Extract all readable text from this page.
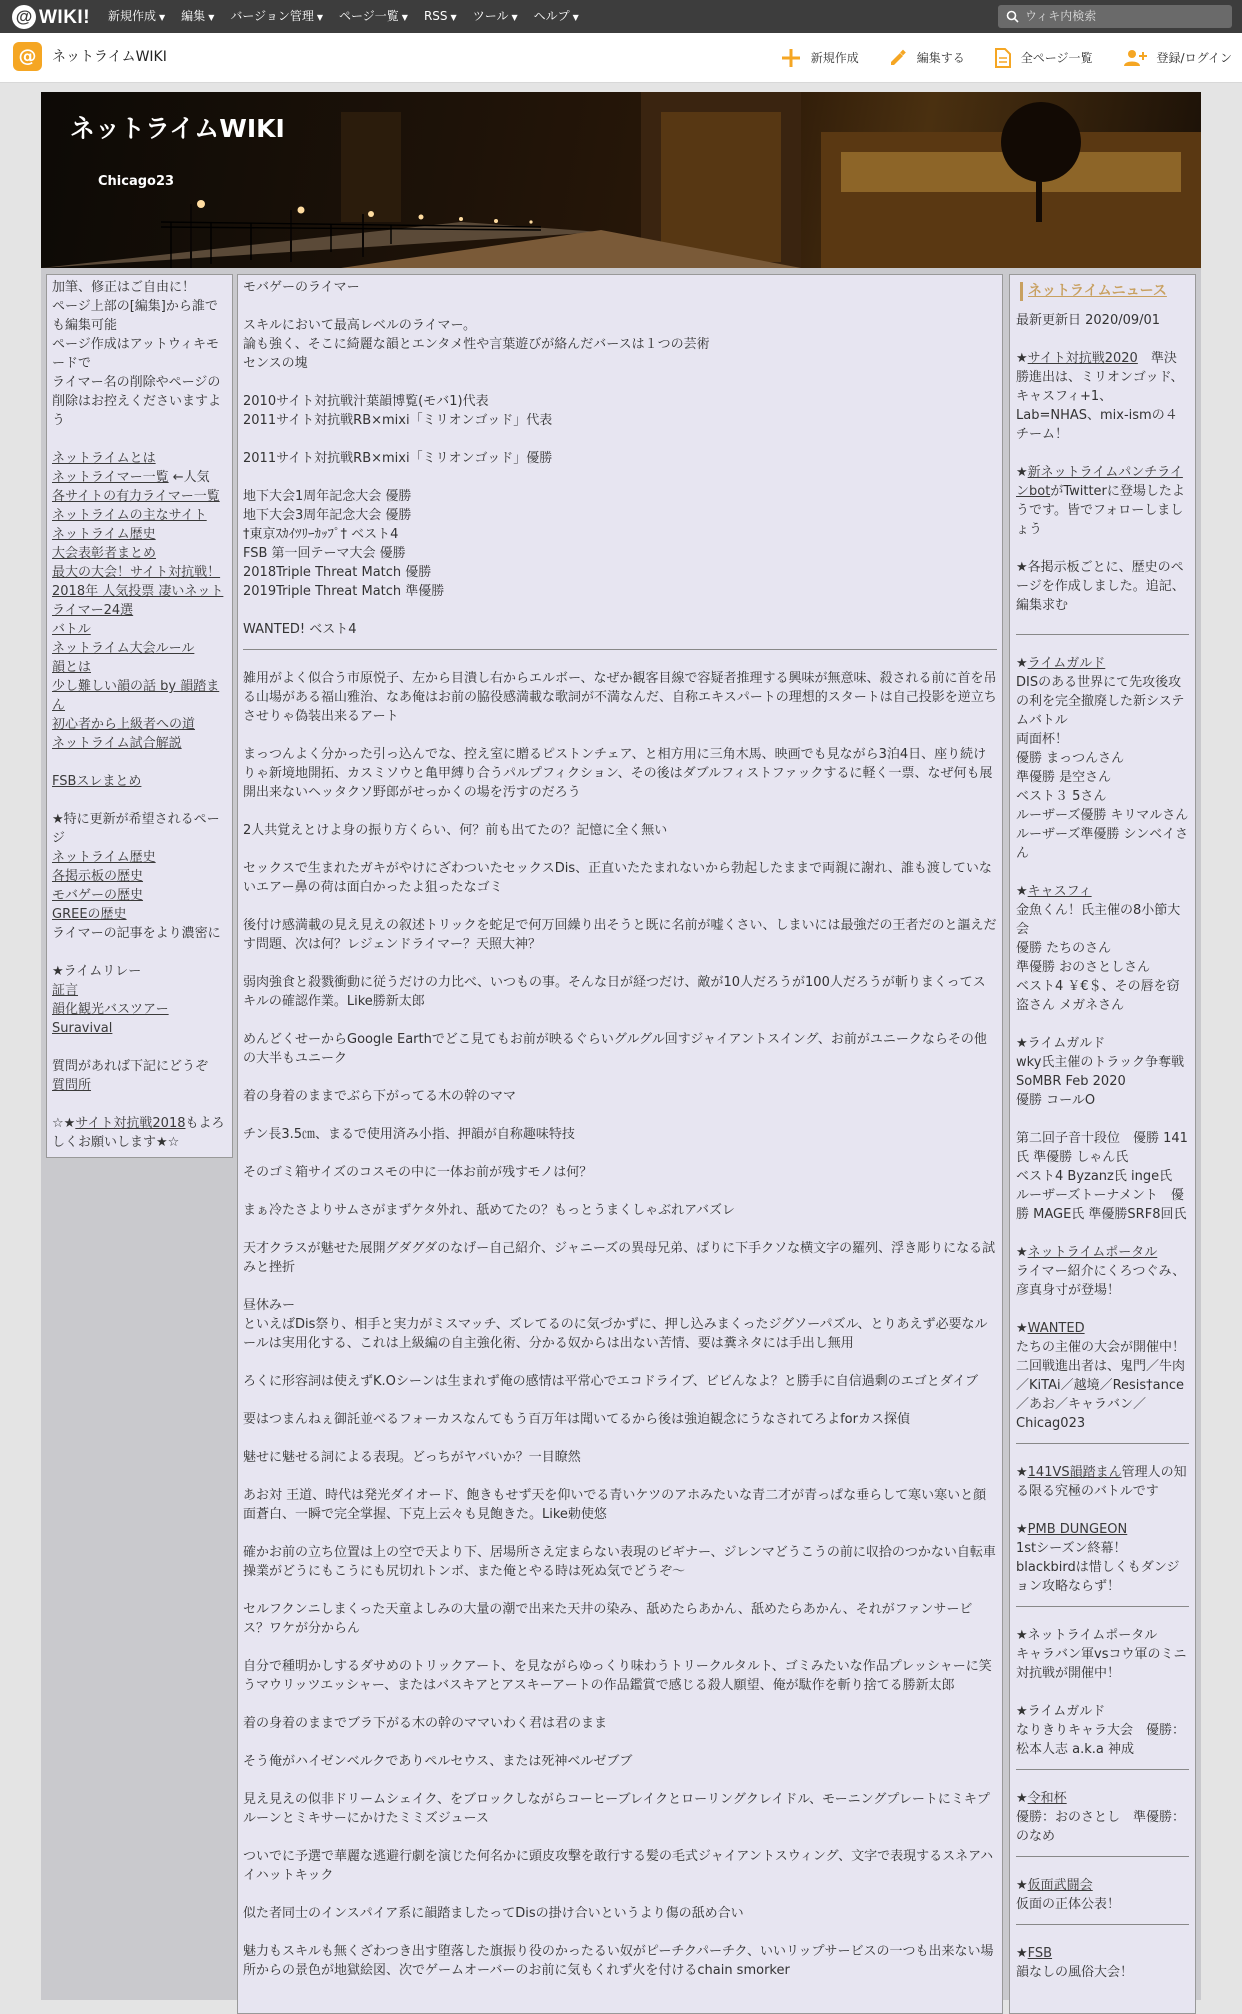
@ WIKI! 新規作成 ▼ 編集 ▼ バージョン管理 ▼ ページ一覧 ▼ RSS ▼ ツール ▼ ヘルプ ▼	ウィキ内検索
@	ネットライムWIKI	新規作成	編集する	全ページ一覧	登録/ログイン
ネットライムWIKI
Chicago23

加筆、修正はご自由に！
ページ上部の[編集]から誰でも編集可能
ページ作成はアットウィキモードで
ライマー名の削除やページの削除はお控えくださいますよう

ネットライムとは
ネットライマー一覧 ←人気
各サイトの有力ライマー一覧
ネットライムの主なサイト
ネットライム歴史
大会表彰者まとめ
最大の大会！サイト対抗戦！
2018年 人気投票 凄いネットライマー24選
バトル
ネットライム大会ルール
韻とは
少し難しい韻の話 by 韻踏まん
初心者から上級者への道
ネットライム試合解説

FSBスレまとめ

★特に更新が希望されるページ
ネットライム歴史
各掲示板の歴史
モバゲーの歴史
GREEの歴史

ライマーの記事をより濃密に

★ライムリレー
証言
韻化観光バスツアー

Suravival

質問があれば下記にどうぞ

質問所

☆★サイト対抗戦2018もよろしくお願いします★☆

モバゲーのライマー

スキルにおいて最高レベルのライマー。
論も強く、そこに綺麗な韻とエンタメ性や言葉遊びが絡んだバースは１つの芸術
センスの塊

2010サイト対抗戦汁葉韻博覧(モバ1)代表
2011サイト対抗戦RB×mixi「ミリオンゴッド」代表

2011サイト対抗戦RB×mixi「ミリオンゴッド」優勝

地下大会1周年記念大会 優勝
地下大会3周年記念大会 優勝
†東京ｽｶｲﾂﾘｰｶｯﾌﾟ† ベスト4
FSB 第一回テーマ大会 優勝
2018Triple Threat Match 優勝
2019Triple Threat Match 準優勝

WANTED! ベスト4

雑用がよく似合う市原悦子、左から目潰し右からエルボー、なぜか観客目線で容疑者推理する興味が無意味、殺される前に首を吊る山場がある福山雅治、なあ俺はお前の脇役感満載な歌詞が不満なんだ、自称エキスパートの理想的スタートは自己投影を逆立ちさせりゃ偽装出来るアート

まっつんよく分かった引っ込んでな、控え室に贈るピストンチェア、と相方用に三角木馬、映画でも見ながら3泊4日、座り続けりゃ新境地開拓、カスミソウと亀甲縛り合うパルプフィクション、その後はダブルフィストファックするに軽く一票、なぜ何も展開出来ないヘッタクソ野郎がせっかくの場を汚すのだろう

2人共覚えとけよ身の振り方くらい、何？前も出てたの？記憶に全く無い

セックスで生まれたガキがやけにざわついたセックスDis、正直いたたまれないから勃起したままで両親に謝れ、誰も渡していないエアー鼻の荷は面白かったよ狙ったなゴミ

後付け感満載の見え見えの叙述トリックを蛇足で何万回繰り出そうと既に名前が嘘くさい、しまいには最強だの王者だのと謳えだす問題、次は何？レジェンドライマー？天照大神？

弱肉強食と殺戮衝動に従うだけの力比べ、いつもの事。そんな日が経つだけ、敵が10人だろうが100人だろうが斬りまくってスキルの確認作業。Like勝新太郎

めんどくせーからGoogle Earthでどこ見てもお前が映るぐらいグルグル回すジャイアントスイング、お前がユニークならその他の大半もユニーク

着の身着のままでぶら下がってる木の幹のママ

チン長3.5㎝、まるで使用済み小指、押韻が自称趣味特技

そのゴミ箱サイズのコスモの中に一体お前が残すモノは何？

まぁ冷たさよりサムさがまずケタ外れ、舐めてたの？もっとうまくしゃぶれアバズレ

天才クラスが魅せた展開グダグダのなげー自己紹介、ジャニーズの異母兄弟、ばりに下手クソな横文字の羅列、浮き彫りになる試みと挫折

昼休みー
といえばDis祭り、相手と実力がミスマッチ、ズレてるのに気づかずに、押し込みまくったジグソーパズル、とりあえず必要なルールは実用化する、これは上級編の自主強化術、分かる奴からは出ない苦情、要は糞ネタには手出し無用

ろくに形容詞は使えずK.Oシーンは生まれず俺の感情は平常心でエコドライブ、ビビんなよ？と勝手に自信過剰のエゴとダイブ

要はつまんねぇ御託並べるフォーカスなんてもう百万年は聞いてるから後は強迫観念にうなされてろよforカス探偵

魅せに魅せる詞による表現。どっちがヤバいか？一目瞭然

あお対 王道、時代は発光ダイオード、飽きもせず天を仰いでる青いケツのアホみたいな青二才が青っぱな垂らして寒い寒いと顔面蒼白、一瞬で完全掌握、下克上云々も見飽きた。Like勅使悠

確かお前の立ち位置は上の空で天より下、居場所さえ定まらない表現のビギナー、ジレンマどうこうの前に収拾のつかない自転車操業がどうにもこうにも尻切れトンボ、また俺とやる時は死ぬ気でどうぞ～

セルフクンニしまくった天童よしみの大量の潮で出来た天井の染み、舐めたらあかん、舐めたらあかん、それがファンサービス？ワケが分からん

自分で種明かしするダサめのトリックアート、を見ながらゆっくり味わうトリークルタルト、ゴミみたいな作品プレッシャーに笑うマウリッツエッシャー、またはバスキアとアスキーアートの作品鑑賞で感じる殺人願望、俺が駄作を斬り捨てる勝新太郎

着の身着のままでブラ下がる木の幹のママいわく君は君のまま

そう俺がハイゼンベルクでありペルセウス、または死神ベルゼブブ

見え見えの似非ドリームシェイク、をブロックしながらコーヒーブレイクとローリングクレイドル、モーニングプレートにミキプルーンとミキサーにかけたミミズジュース

ついでに予選で華麗な逃避行劇を演じた何名かに頭皮攻撃を敢行する髪の毛式ジャイアントスウィング、文字で表現するスネアハイハットキック

似た者同士のインスパイア系に韻踏ましたってDisの掛け合いというより傷の舐め合い

魅力もスキルも無くざわつき出す堕落した旗振り役のかったるい奴がピーチクパーチク、いいリップサービスの一つも出来ない場所からの景色が地獄絵図、次でゲームオーバーのお前に気もくれず火を付けるchain smorker

ネットライムニュース

最新更新日 2020/09/01

★サイト対抗戦2020　 準決勝進出は、ミリオンゴッド、キャスフィ+1、Lab=NHAS、mix-ismの４チーム！
★新ネットライムパンチラインbotがTwitterに登場したようです。皆でフォローしましょう
★各掲示板ごとに、歴史のページを作成しました。追記、編集求む
★ライムガルド
DISのある世界にて先攻後攻の利を完全撤廃した新システムバトル
両面杯！
優勝 まっつんさん
準優勝 是空さん
ベスト３ 5さん
ルーザーズ優勝 キリマルさん
ルーザーズ準優勝 シンベイさん
★キャスフィ
金魚くん！氏主催の8小節大会
優勝 たちのさん
準優勝 おのさとしさん
ベスト4 ￥€＄、その唇を窃盗さん メガネさん
★ライムガルド
wky氏主催のトラック争奪戦SoMBR Feb 2020
優勝 コールO
第二回子音十段位　優勝 141氏 準優勝 しゃん氏
ベスト4 Byzanz氏 inge氏
ルーザーズトーナメント　優勝 MAGE氏 準優勝SRF8回氏
★ネットライムポータル
ライマー紹介にくろつぐみ、彦真身寸が登場！
★WANTED
たちの主催の大会が開催中！
二回戦進出者は、鬼門／牛肉／KiTAi／越境／Resis†ance／あお／キャラバン／Chicag023
★141VS韻踏まん管理人の知る限る究極のバトルです
★PMB DUNGEON
1stシーズン終幕！ blackbirdは惜しくもダンジョン攻略ならず！
★ネットライムポータル
キャラバン軍vsコウ軍のミニ対抗戦が開催中！
★ライムガルド
なりきりキャラ大会　優勝：松本人志 a.k.a 神成
★令和杯
優勝：おのさとし　準優勝：のなめ
★仮面武闘会
仮面の正体公表！
★FSB
韻なしの風俗大会！
